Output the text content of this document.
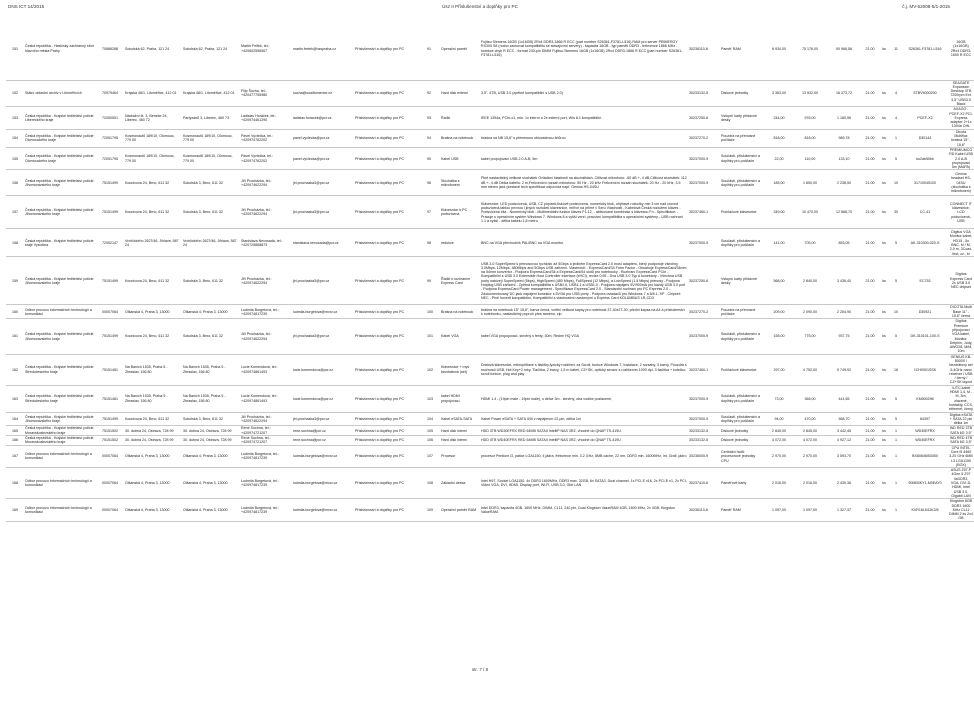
DNS ICT 14/2015	Úsz II Příslušenství a doplňky pro PC	č.j. MV-52008-5/1-2015
151	Česká republika - Hasičský záchranný sbor hlavního města Prahy	70886288	Sokolská 62, Praha, 121 24	Sokolská 62, Praha, 121 24	Martin Felfek, tel.: +420602596567	martin.fertek@hzspraha.cz	Příslušenství a doplňky pro PC	91	Operační paměť	Fujitsu Siemens 16GB (1x16GB) 2Rx4 DDR3-1866 R ECC (part number S26361-F3781-L516) RAM pro server PRIMERGY RX300 S8 (nutno zachovat kompatibilitu se stávajícími servery) - kapacita 16GB - typ paměti DDR3 - frekvence 1866 MHz - korekce chyb R ECC - formát 240-pin DIMM Fujitsu-Siemens 16GB (1x16GB) 2Rx4 DDR3-1866 R ECC (part number S26361-F3781-L516)	30236110-6	Paměť RAM	6 934,00	75 176,00	90 966,56	21.00	ks	11	S26361-F3781-L516	16GB (1x16GB) 2Rx4 DDR3-1600 R ECC
152	Státní oblastní archiv v Litoměřicích	70979464	Krajská 48/1, Litoměřice, 412 01	Krajská 48/1, Litoměřice, 412 01	Filip Šucha, tel.: +420477755980	sucha@soalitomerice.cz	Příslušenství a doplňky pro PC	92	Hard disk externí	3,5", 4TB, USB 3.0 (zpětně kompatibilní s USB 2.0)	30233132-5	Diskové jednotky	3 363,00	13 532,00	16 373,72	21.00	ks	4	STBV4000200	SEAGATE Expansion Desktop 4TB 7200rpm Ext. 3,5" USB3.0 Black
153	Česká republika - Krajské ředitelství policie Libereckého kraje	72050501	Nádražní čt. 3, Beneše 24, Liberec, 460 72	Partyzánů 3, Liberec, 460 73	Ladislav Horáček, tel.: +420974461290	ladislav.horacek@pcr.cz	Příslušenství a doplňky pro PC	93	Řadič	IEEE 1394a, PCIe-x1, min. 1x interní a 2x externí port, Win 8.1 kompatibilní.	30237250-6	Vstupní karty přídavné desky	244,00	976,00	1 180,96	21.00	ks	4	PCEF-X2	AXAGO - PCEF-X2 PCI-Express adapter 2+1x 1394a OHL
154	Česká republika - Krajské ředitelství policie Olomouckého kraje	72051795	Kosmonautů 189/10, Olomouc, 779 00	Kosmonautů 189/10, Olomouc, 779 00	Pavel Vyvlečka, tel.: +420974762202	pavel.vyvlecka@pcr.cz	Příslušenství a doplňky pro PC	94	Brašna na notebook	brašna na NB 15,6" s přenesnou obloustenou šňůrou	30237270-2	Pouzdra na přenosné počítače	818,00	818,00	989,78	21.00	ks	1	D30144	Dicota Multiflux brašna 15" - 15,6"
155	Česká republika - Krajské ředitelství policie Olomouckého kraje	72051795	Kosmonautů 189/10, Olomouc, 779 00	Kosmonautů 189/10, Olomouc, 779 00	Pavel Vyvlečka, tel.: +420974762202	pavel.vyvlecka@pcr.cz	Příslušenství a doplňky pro PC	95	Kabel USB	kabel propojovací USB 2.0 A-B, 5m	30237000-9	Součásti, příslušenství a doplňky pro počítače	22,00	110,00	133,10	21.00	ks	5	ku2ab50bk	PREMIUMCORD Kabel USB 2.0 A-B propojovací 5m (MAPA)
156	Česká republika - Krajské ředitelství policie Jihomoravského kraje	75151499	Kounicova 24, Brno, 611 32	Sokolská 3, Brno, 611 32	Jiří Procházka, tel.: +420974622294	jiri.prochazka3@pcr.cz	Příslušenství a doplňky pro PC	96	Sluchátka s mikrofonem	Plně nastavitelný velikost sluchátek Ovládání hlasitosti na sluchátkách. Citlivost mikrofonu: -60 dB +- 4 dB,Citlivost sluchátek: 112 dB +- 4 dB Délka kabelu: 2 m,Frekvenční rozsah mikrofonu: 50 Hz - 20 kHz Frekvenční rozsah sluchátek: 20 Hz - 20 kHz, 3.5 mm stereo jack (sestavě tech specifikaci odpovídá např. Genius HS-04SU	30237000-9	Součásti, příslušenství a doplňky pro počítače	185,00	1 850,00	2 238,50	21.00	ks	10	31710045100	Genius headset HS-04SU (sluchátka s mikrofonem)
157	Česká republika - Krajské ředitelství policie Jihomoravského kraje	75151499	Kounicova 24, Brno, 611 32	Sokolská 3, Brno, 611 32	Jiří Procházka, tel.: +420974622294	jiri.prochazka3@pcr.cz	Příslušenství a doplňky pro PC	97	Klávesnice k PC podsvícená	Klávesnice, LED podsvícená, USB, CZ popisek,tiskově podsvícená, numerický blok, ohýbavé rozložky min 3 cm nad croved podsvícená,tablou pevnou i jiných rozložek klávesnice, mířívé na přímé v Seru Vlastnosti - Kabelová Česká rozložení kláves - Podsvícená čitá - Numerický blok - Multimediální funkce kláves F1-12, - aktivované kombinací s klávesou Fn - Specifikace: - Pracuje s operačním systém Windows 7, Windows 8 a vyšší verzí, pracovní kompatibilita s operačními systémy - USB rozhraní 1.1 a vyšší - délka kabelu 1,8 metru	30237460-1	Počítačové klávesnice	349,00	10 470,00	12 668,70	21.00	ks	30	CC-41	CONNECT IT klávesnice, LCD podsvícená, USB
158	Česká republika - Krajské ředitelství policie kraje Vysočina	72052147	Vrchlického 2627/46, Jihlava, 587 24	Vrchlického 2627/46, Jihlava, 587 24	Stanislava Nevosadá, tel.: +420725868873	stanislava.nevosada@pcr.cz	Příslušenství a doplňky pro PC	98	redukce	BNC na VGA přechodník PAL/BNC na VGA monitor	30237000-9	Součásti, příslušenství a doplňky pro počítače	141,00	705,00	853,05	21.00	ks	5	AK-310300-020-S	Digitus VGA Monitor kabel, HD15 - 5x BNC, M / M, 2,0 m, 3Coax, fest, cz., bl
159	Česká republika - Krajské ředitelství policie Jihomoravského kraje	75151499	Kounicova 24, Brno, 611 32	Sokolská 3, Brno, 611 32	Jiří Procházka, tel.: +420974622294	jiri.prochazka3@pcr.cz	Příslušenství a doplňky pro PC	99	Řadič s rozhraním Express Card	USB 3.0 SuperSpeed s přenosovou rychlostí až 5Gbps a jediném ExpressCard 2.0 musí adaptéru, který podporuje všechny 3.0Mbps, 12Mbps, 480Mbps and 5Gbps USB zařízení. Vlastnosti: - ExpressCard/34 Form Factor - Obsahuje ExpressCard/34mm na 54mm konvertor - Podpora ExpressCard/34 a ExpressCard/54 slotů pro notebooky - Rozhraní ExpressCard PCIe - Kompatibilní s USB 3.0 Extensible Host Controller Interface (xHCI), revize 0.95 - Dva USB 3.0 Typ A konektory - Všechna USB porty nabízejí SuperSpeed (5bps), HighSpeed (480 Mbps), FullSpeed (12 Mbps), a LowSpeed (1.5 Mbps) přenosy - Podpora Hotplug USB zařízení - Zpětná kompatibilita s USB2.0, USB1.1 a USB1.0 - Podpora napájení 5V/900mA pro každý USB 3.0 port - Podpora ExpressCard Power management - Specifikace ExpressCard 2.0 - Standardní rozhraní pro PC Express 2.0 - Zdokumentovaný DC jack napájení konektor s 5V/3A pro USB porty - Podpora ovladačů pro Windows 7 a 8/8.1, XP - Chipset: NEC - Plně hoverit kompatibilní, Kompatibilní s vlastnostmi uvedenými u Express Card KOLUMBUS LR-CD3	30237250-6	Vstupní karty přídavné desky	568,00	2 840,00	3 436,40	21.00	ks	5	EC753	Digitus Express Card 2x USB 3.0 NEC chipset
160	Odbor provozu informačních technologií a komunikací	00007064	Olšanská 4, Praha 3, 13000	Olšanská 4, Praha 3, 13000	Ludmila Burgetová, tel.: +420974817239	ludmila.burgetova@mvcr.cz	Příslušenství a doplňky pro PC	100	Brašna na notebook	brašna na notebook 15" 15,6", barva černá, vnitřní velikost kapsy pro notebook 37-40x27-30, přední kapsa na A4 a příslušenství k notebooku, nastavitelný popruh přes rameno, zip	30237270-2	Pouzdra na přenosné počítače	209,00	2 090,00	2 254,90	21.00	ks	10	D30921	DICOTA Multi Base 11" - 15,6" černá
161	Česká republika - Krajské ředitelství policie Jihomoravského kraje	75151499	Kounicova 24, Brno, 611 32	Sokolská 3, Brno, 611 32	Jiří Procházka, tel.: +420974622294	jiri.prochazka3@pcr.cz	Příslušenství a doplňky pro PC	101	Kabel VGA	kabel VGA propojovací, stíněný s ferity, 30m, Redne HQ VGA	30237000-9	Součásti, příslušenství a doplňky pro počítače	155,00	775,00	937,75	21.00	ks	5	DK-310101-100-S	Digitus Premium připojovací VGA kabel, Monitor, Delphin, Jody, AWG28, M/M, 10m
162	Česká republika - Krajské ředitelství policie Středočeského kraje	75151481	Na Baních 1535, Praha 5 - Zbraslav, 156 80	Na Baních 1535, Praha 5 - Zbraslav, 156 80	Lucie Komendová, tel.: +420974861493	lucie.komendova@pcr.cz	Příslušenství a doplňky pro PC	102	Klávesnice + myš bezdrátová (set)	Drátová klávesnice, mikropřítlavé s tlačítky,fyzický rozšíření za Scroll, funkce Windows 7, Instalace, 2 rozsahy, 3 barvy, Pouzdra s možností USB, Hot Key+2 roky. Tlačítka, 2 barvy, 1,5 m kabel, CZ+SK, optický senzor s rozlišením 1000 dpi, 3 tlačítka + kolečko, scroll funkce, plug and play	30237460-1	Počítačové klávesnice	297,00	4 752,00	5 749,92	21.00	ks	16	1CH0001SSK	GENIUS KB-8000X / bezdrátový set 5.4GHz nano receiver / USB / černý / CZ+SK layout
163	Česká republika - Krajské ředitelství policie Středočeského kraje	75151481	Na Baních 1535, Praha 5 - Zbraslav, 156 80	Na Baních 1535, Praha 5 - Zbraslav, 156 80	Lucie Komendová, tel.: +420974861493	lucie.komendova@pcr.cz	Příslušenství a doplňky pro PC	103	kabel HDMI propojovací	HDMI 1.4 - (19pin male - 19pin male), s délce 3m - stíněný, oba vodiče pozlacené,	30237000-9	Součásti, příslušenství a doplňky pro počítače	73,00	365,00	441,65	21.00	ks	5	KM000298	4-ITC kabel HDMI 1,4, M - M, 3m, zlacené, kontakty, CCS, ethernet, černý
164	Česká republika - Krajské ředitelství policie Jihomoravského kraje	75151499	Kounicova 24, Brno, 611 32	Sokolská 3, Brno, 611 32	Jiří Procházka, tel.: +420974622294	jiri.prochazka3@pcr.cz	Příslušenství a doplňky pro PC	104	Kabel eSATA-SATA	Kabel Power eSATA + SATA II/III v napájením 22-pin, délka 1m	30237000-9	Součásti, příslušenství a doplňky pro počítače	94,00	470,00	568,70	21.00	ks	5	84397	Digitus eSATA + SATA 22 pin délka 1m
165	Česká republika - Krajské ředitelství policie Moravskoslezského kraje	75151502	30. dubna 24, Ostrava, 728 99	30. dubna 24, Ostrava, 728 99	René Sochna, tel.: +420974721207	rene.sochna@pcr.cz	Příslušenství a doplňky pro PC	105	Hard disk interní	HDD 3TB WD30EFRX RED 64MB SATAII IntelliP NAS 3RZ, vhodné do QNAP TS-419U	30233132-5	Diskové jednotky	2 845,00	2 845,00	3 442,45	21.00	ks	1	WD30EFRX	WD RED 3TB SATA 6G 3,5"
166	Česká republika - Krajské ředitelství policie Moravskoslezského kraje	75151502	30. dubna 24, Ostrava, 728 99	30. dubna 24, Ostrava, 728 99	René Sochna, tel.: +420974721207	rene.sochna@pcr.cz	Příslušenství a doplňky pro PC	106	Hard disk interní	HDD 4TB WD40EFRX RED 64MB SATAII IntelliP NAS 3RZ, vhodné do QNAP TS-419U	30233132-5	Diskové jednotky	4 072,00	4 072,00	4 927,12	21.00	ks	1	WD40EFRX	WD RED 4TB SATA 6G 3,5"
167	Odbor provozu informačních technologií a komunikací	00007064	Olšanská 4, Praha 3, 13000	Olšanská 4, Praha 3, 13000	Ludmila Burgetová, tel.: +420974817239	ludmila.burgetova@mvcr.cz	Příslušenství a doplňky pro PC	107	Procesor	procesor Pentium i3, patice LGA1150, 4 jádra, frekvence min. 3.2 GHz, 8MB cache, 22 nm, DDR3 min. 1600MHz, int. Grafi. jádro	30236000-9	Centrální řadič procesorové jednotky CPU	2 970,00	2 970,00	3 593,70	21.00	ks	1	BX80646I53450	CPU INTEL Core i5 4460 3.20 GHz 6MB L3 LGA1150 (BOX)
168	Odbor provozu informačních technologií a komunikací	00007064	Olšanská 4, Praha 3, 13000	Olšanská 4, Praha 3, 13000	Ludmila Burgetová, tel.: +420974817239	ludmila.burgetova@mvcr.cz	Příslušenství a doplňky pro PC	108	Základní deska	Intel H97, Socket LGA1150, 4x DDR3 1600MHz, DDR3 max. 32GB, 6x SATA3, Dual channel, 1x PCI-E x16, 2x PCI-E x1, 2x PCI, Video VGA, DVI, HDMI, Display port, Wi-Fi, USB 3.0, Gbit LAN	30237410-6	Paměťové karty	2 016,00	2 016,00	2 439,36	21.00	ks	1	90MB0KY1-M0EAY0	ASUS Z97-P 4Gen 5 Z97 4xDDR3, VGA, DVI-D, HDMI, Intel USB 3.0, Gigabit LAN
169	Odbor provozu informačních technologií a komunikací	00007064	Olšanská 4, Praha 3, 13000	Olšanská 4, Praha 3, 13000	Ludmila Burgetová, tel.: +420974817239	ludmila.burgetova@mvcr.cz	Příslušenství a doplňky pro PC	109	Operační paměť RAM	Intel DDR3, kapacita 4GB, 1600 MHz, DIMM, CL11, 240 pin, Dual Kingston ValueRAM 4GB, 1600 MHz, 2x 4GB, Kingston ValueRAM.	30236110-6	Paměť RAM	1 097,00	1 097,00	1 327,37	21.00	ks	1	KVR16LN11K2/8	Kingston 8GB DDR3 1600 MHz CL11 DIMM 2 ks 2x4 GB
str. 7 / 8
